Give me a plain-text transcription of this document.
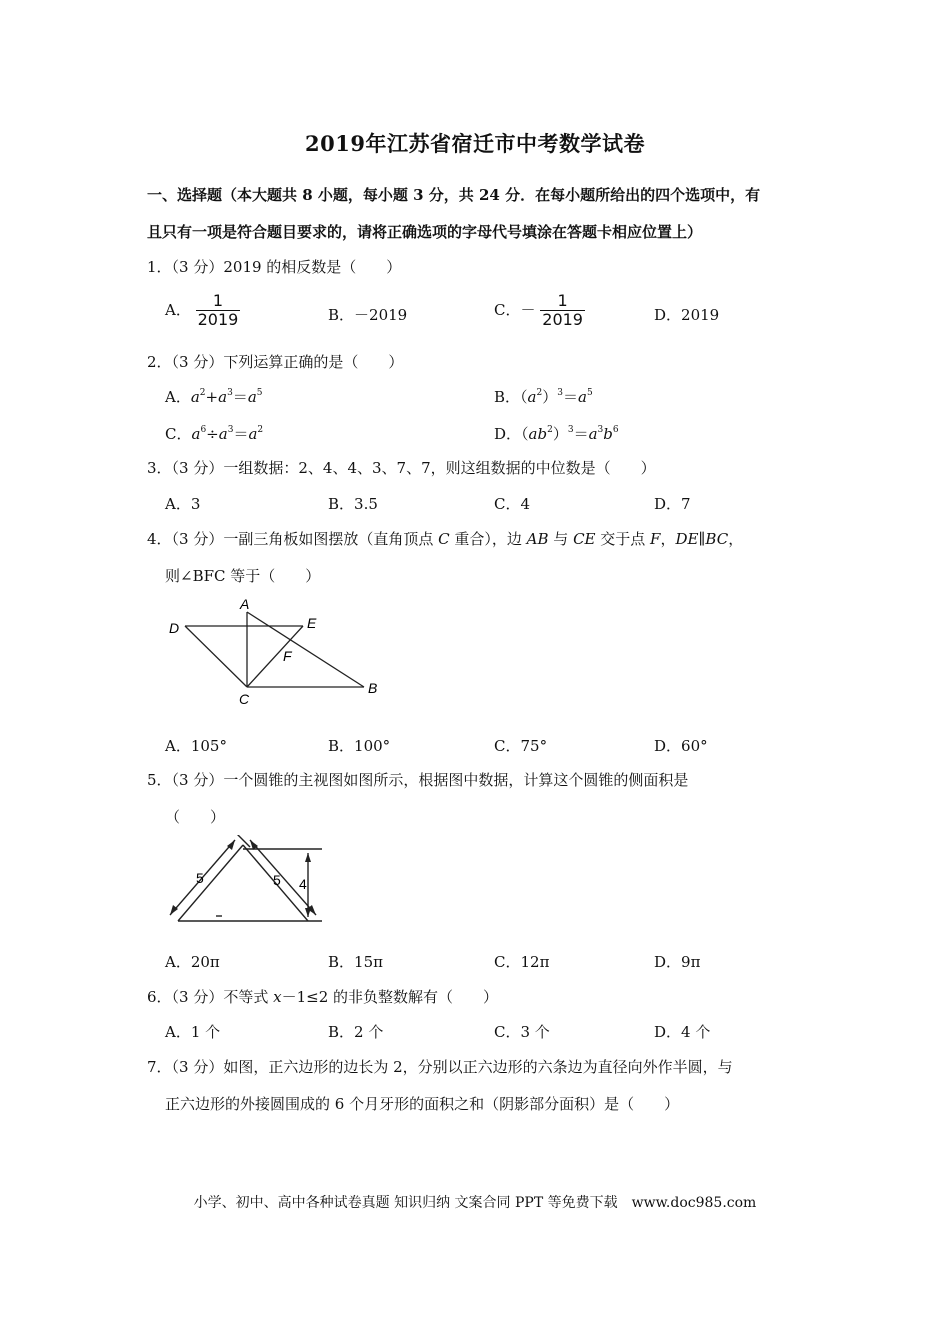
2019年江苏省宿迁市中考数学试卷
一、选择题（本大题共 8 小题，每小题 3 分，共 24 分．在每小题所给出的四个选项中，有
且只有一项是符合题目要求的，请将正确选项的字母代号填涂在答题卡相应位置上）
1．（3 分）2019 的相反数是（　　）
A． $\frac{1}{2019}$	B．－2019	C．－ $\frac{1}{2019}$	D．2019
2．（3 分）下列运算正确的是（　　）
A．$a^2+a^3=a^5$	B．$(a^2)^3=a^5$
C．$a^6\div a^3=a^2$	D．$(ab^2)^3=a^3b^6$
3．（3 分）一组数据：2、4、4、3、7、7，则这组数据的中位数是（　　）
A．3	B．3.5	C．4	D．7
4．（3 分）一副三角板如图摆放（直角顶点 C 重合），边 AB 与 CE 交于点 F，DE∥BC，
则∠BFC 等于（　　）
A
B
C
D	E
F
A．105°	B．100°	C．75°	D．60°
5．（3 分）一个圆锥的主视图如图所示，根据图中数据，计算这个圆锥的侧面积是
（　　）
5	5 4
A．20π	B．15π	C．12π	D．9π
6．（3 分）不等式 x－1≤2 的非负整数解有（　　）
A．1 个	B．2 个	C．3 个	D．4 个
7．（3 分）如图，正六边形的边长为 2，分别以正六边形的六条边为直径向外作半圆，与
正六边形的外接圆围成的 6 个月牙形的面积之和（阴影部分面积）是（　　）
小学、初中、高中各种试卷真题 知识归纳 文案合同 PPT 等免费下载　www.doc985.com
